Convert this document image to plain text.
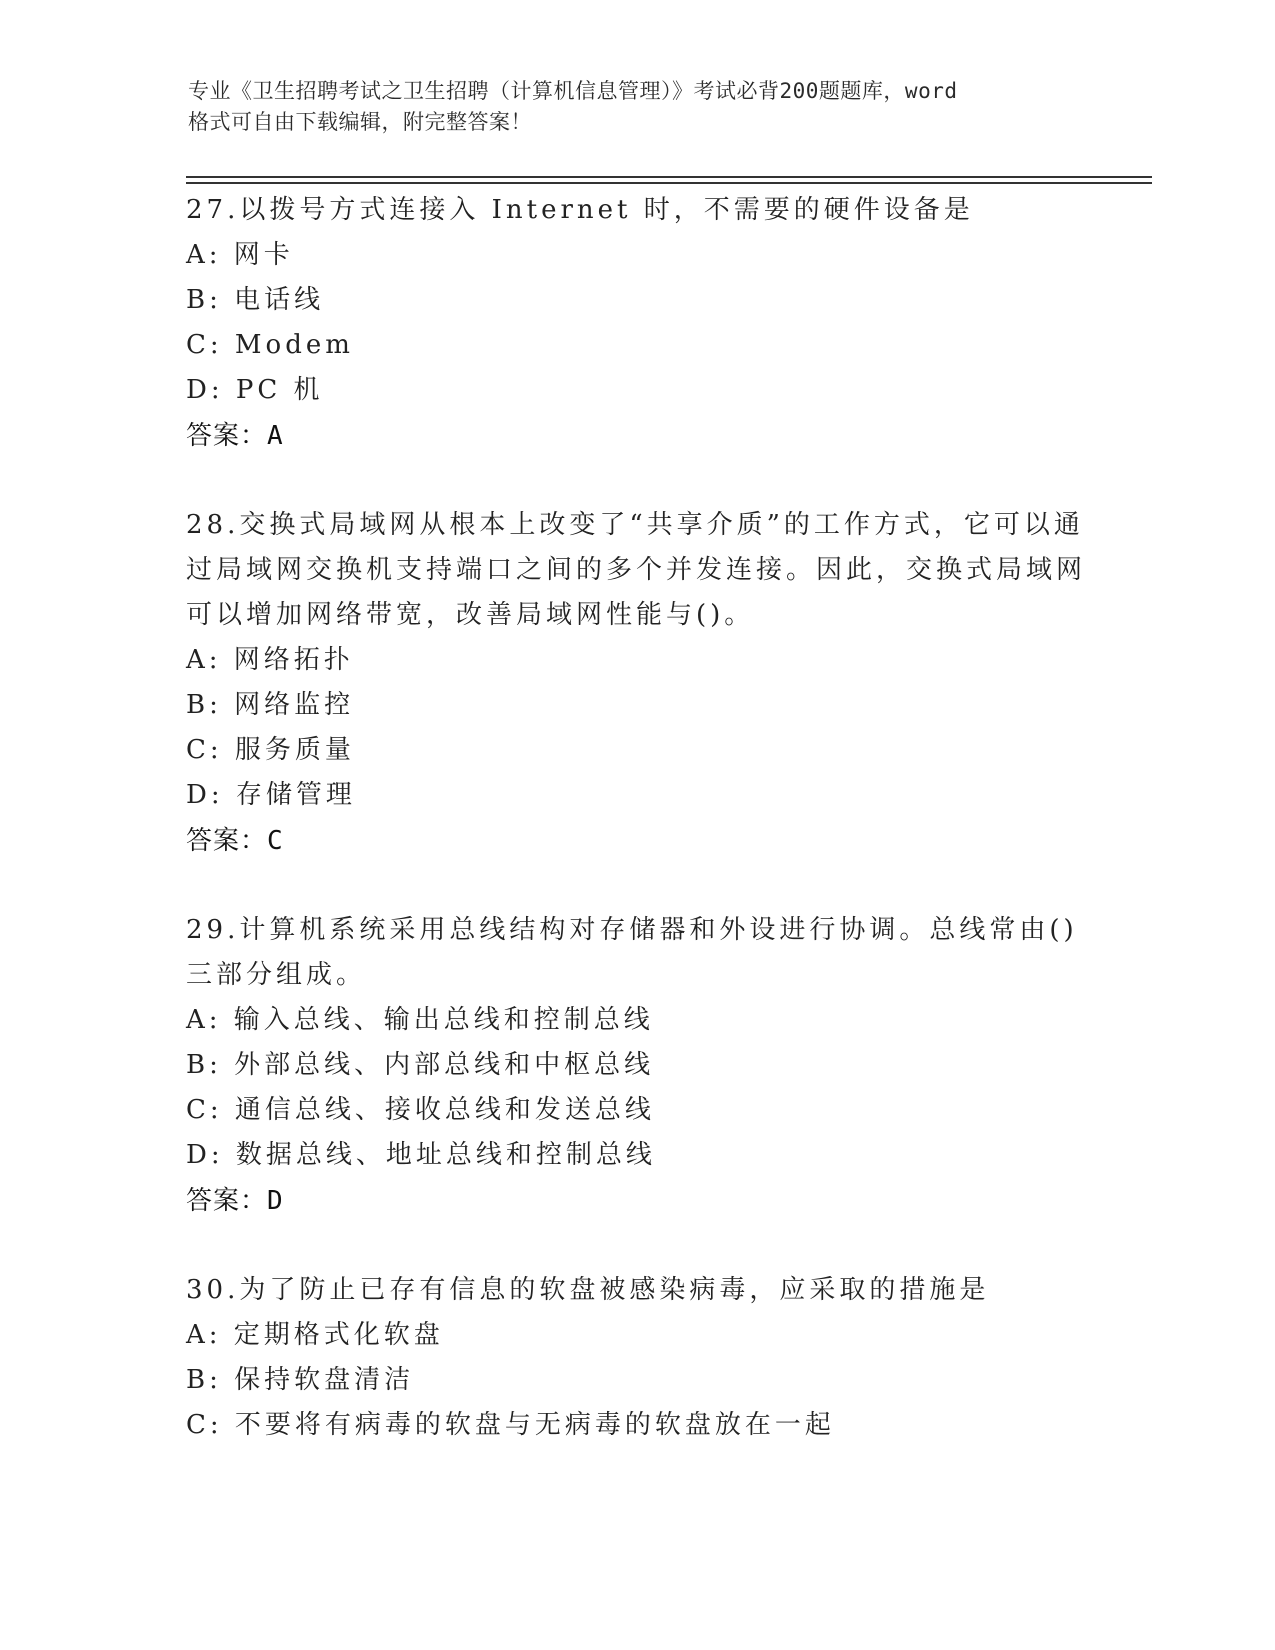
专业《卫生招聘考试之卫生招聘（计算机信息管理）》考试必背200题题库，word
格式可自由下载编辑，附完整答案！
27.以拨号方式连接入 Internet 时，不需要的硬件设备是
A: 网卡
B: 电话线
C: Modem
D: PC 机
答案：A
28.交换式局域网从根本上改变了“共享介质”的工作方式，它可以通过局域网交换机支持端口之间的多个并发连接。因此，交换式局域网可以增加网络带宽，改善局域网性能与()。
A: 网络拓扑
B: 网络监控
C: 服务质量
D: 存储管理
答案：C
29.计算机系统采用总线结构对存储器和外设进行协调。总线常由()三部分组成。
A: 输入总线、输出总线和控制总线
B: 外部总线、内部总线和中枢总线
C: 通信总线、接收总线和发送总线
D: 数据总线、地址总线和控制总线
答案：D
30.为了防止已存有信息的软盘被感染病毒，应采取的措施是
A: 定期格式化软盘
B: 保持软盘清洁
C: 不要将有病毒的软盘与无病毒的软盘放在一起
